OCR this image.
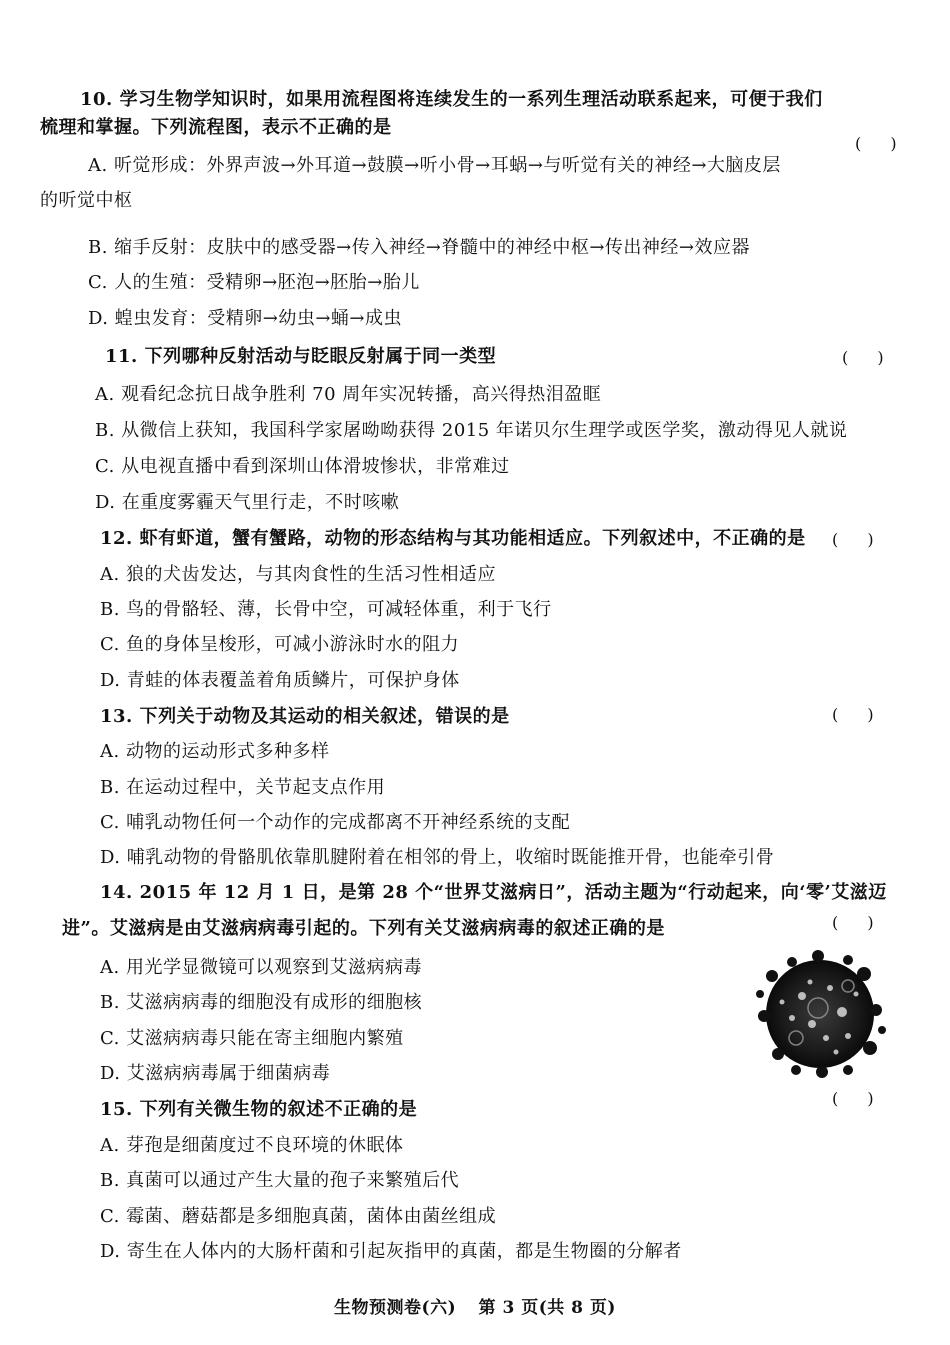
10. 学习生物学知识时，如果用流程图将连续发生的一系列生理活动联系起来，可便于我们
梳理和掌握。下列流程图，表示不正确的是
( )
A. 听觉形成：外界声波→外耳道→鼓膜→听小骨→耳蜗→与听觉有关的神经→大脑皮层
的听觉中枢
B. 缩手反射：皮肤中的感受器→传入神经→脊髓中的神经中枢→传出神经→效应器
C. 人的生殖：受精卵→胚泡→胚胎→胎儿
D. 蝗虫发育：受精卵→幼虫→蛹→成虫
11. 下列哪种反射活动与眨眼反射属于同一类型	( )
A. 观看纪念抗日战争胜利 70 周年实况转播，高兴得热泪盈眶
B. 从微信上获知，我国科学家屠呦呦获得 2015 年诺贝尔生理学或医学奖，激动得见人就说
C. 从电视直播中看到深圳山体滑坡惨状，非常难过
D. 在重度雾霾天气里行走，不时咳嗽
12. 虾有虾道，蟹有蟹路，动物的形态结构与其功能相适应。下列叙述中，不正确的是 ( )
A. 狼的犬齿发达，与其肉食性的生活习性相适应
B. 鸟的骨骼轻、薄，长骨中空，可减轻体重，利于飞行
C. 鱼的身体呈梭形，可减小游泳时水的阻力
D. 青蛙的体表覆盖着角质鳞片，可保护身体
13. 下列关于动物及其运动的相关叙述，错误的是	( )
A. 动物的运动形式多种多样
B. 在运动过程中，关节起支点作用
C. 哺乳动物任何一个动作的完成都离不开神经系统的支配
D. 哺乳动物的骨骼肌依靠肌腱附着在相邻的骨上，收缩时既能推开骨，也能牵引骨
14. 2015 年 12 月 1 日，是第 28 个“世界艾滋病日”，活动主题为“行动起来，向‘零’艾滋迈
( )
进”。艾滋病是由艾滋病病毒引起的。下列有关艾滋病病毒的叙述正确的是
A. 用光学显微镜可以观察到艾滋病病毒
B. 艾滋病病毒的细胞没有成形的细胞核
C. 艾滋病病毒只能在寄主细胞内繁殖
D. 艾滋病病毒属于细菌病毒
( )
15. 下列有关微生物的叙述不正确的是
A. 芽孢是细菌度过不良环境的休眠体
B. 真菌可以通过产生大量的孢子来繁殖后代
C. 霉菌、蘑菇都是多细胞真菌，菌体由菌丝组成
D. 寄生在人体内的大肠杆菌和引起灰指甲的真菌，都是生物圈的分解者
生物预测卷(六) 第 3 页(共 8 页)
